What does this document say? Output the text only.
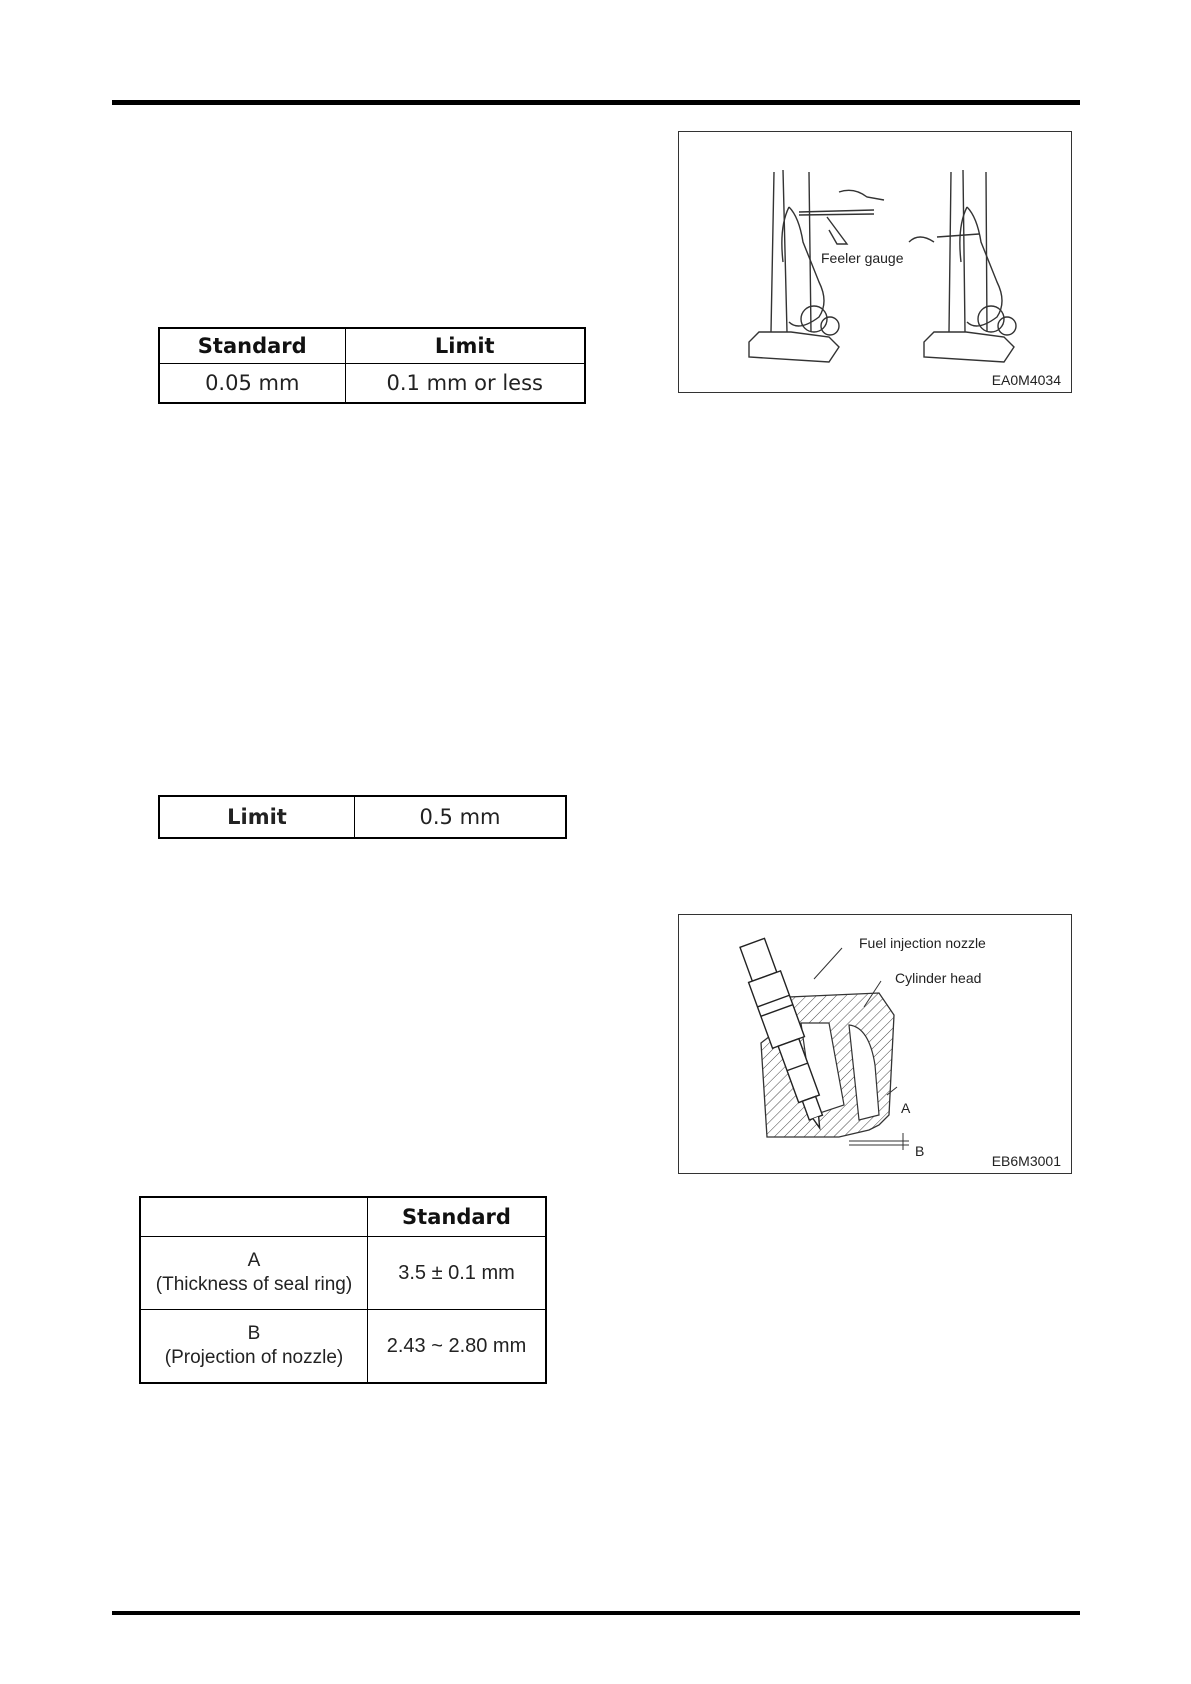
Standard	Limit
0.05 mm	0.1 mm or less
Feeler gauge
EA0M4034
Limit	0.5 mm
Fuel injection nozzle
Cylinder head
A
B
EB6M3001
	Standard

A
(Thickness of seal ring)	3.5 ± 0.1 mm

B
(Projection of nozzle)	2.43 ~ 2.80 mm
